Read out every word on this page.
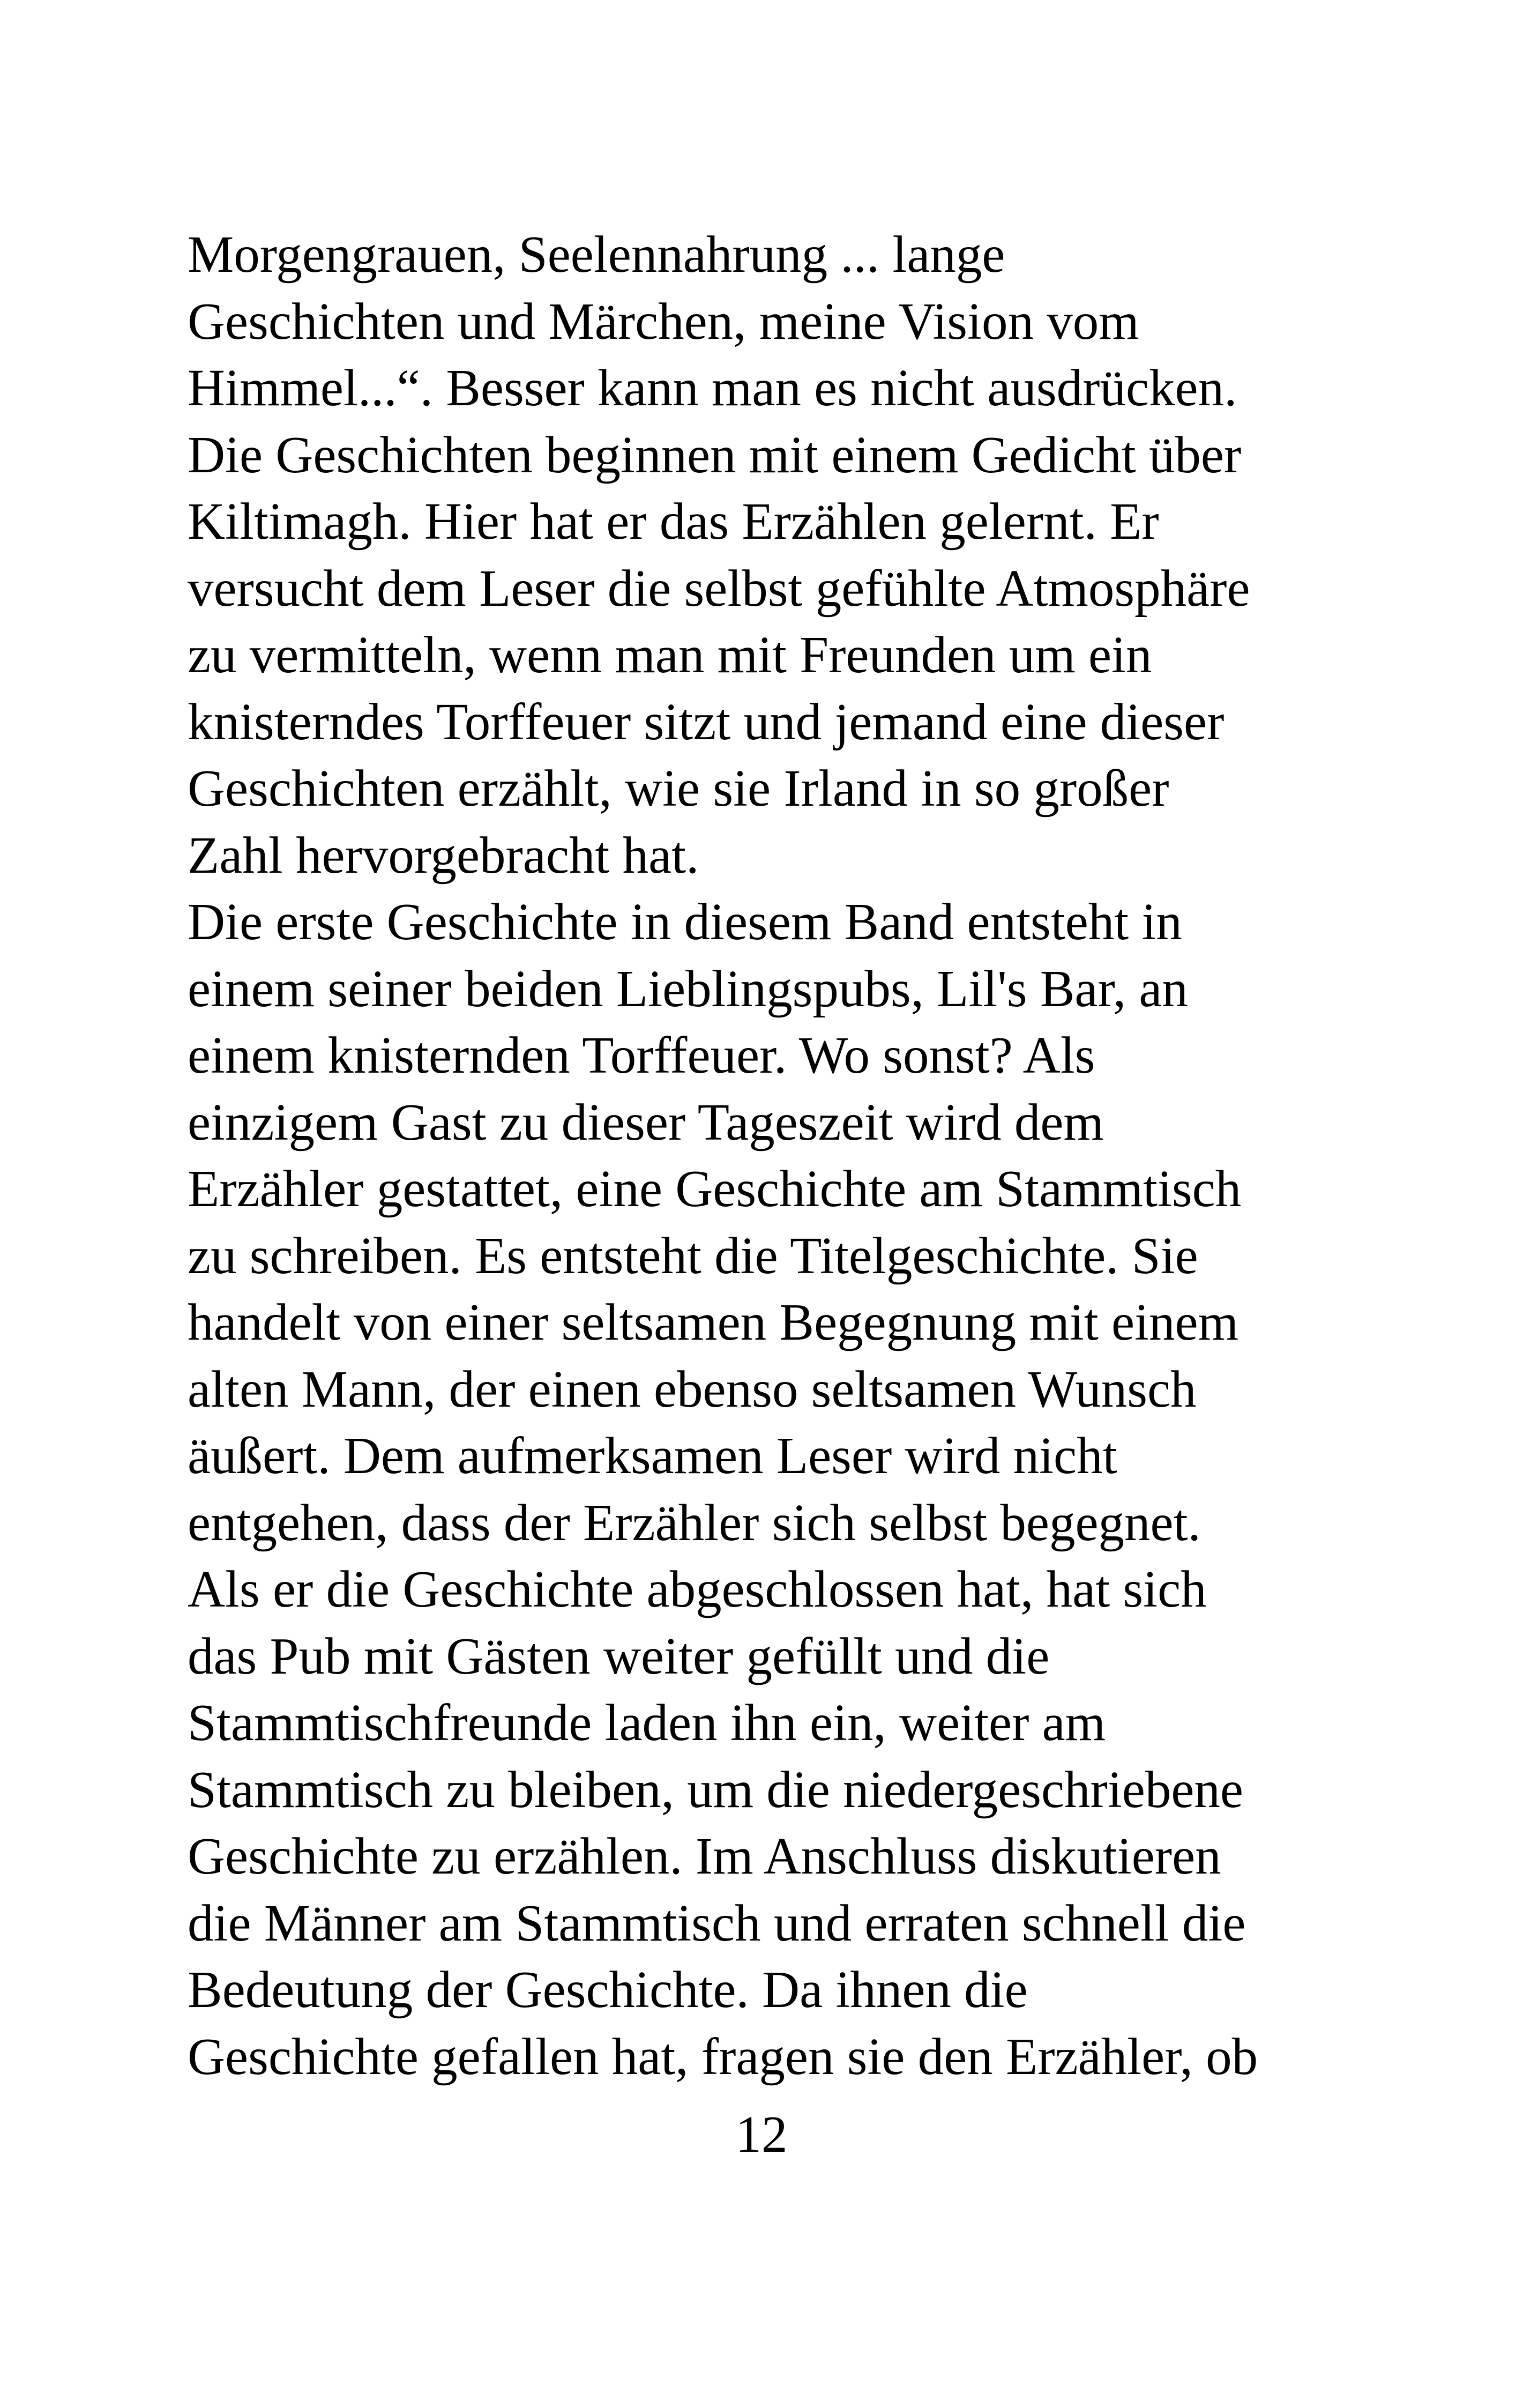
Morgengrauen, Seelennahrung ... lange
Geschichten und Märchen, meine Vision vom
Himmel...“. Besser kann man es nicht ausdrücken.
Die Geschichten beginnen mit einem Gedicht über
Kiltimagh. Hier hat er das Erzählen gelernt. Er
versucht dem Leser die selbst gefühlte Atmosphäre
zu vermitteln, wenn man mit Freunden um ein
knisterndes Torffeuer sitzt und jemand eine dieser
Geschichten erzählt, wie sie Irland in so großer
Zahl hervorgebracht hat.
Die erste Geschichte in diesem Band entsteht in
einem seiner beiden Lieblingspubs, Lil's Bar, an
einem knisternden Torffeuer. Wo sonst? Als
einzigem Gast zu dieser Tageszeit wird dem
Erzähler gestattet, eine Geschichte am Stammtisch
zu schreiben. Es entsteht die Titelgeschichte. Sie
handelt von einer seltsamen Begegnung mit einem
alten Mann, der einen ebenso seltsamen Wunsch
äußert. Dem aufmerksamen Leser wird nicht
entgehen, dass der Erzähler sich selbst begegnet.
Als er die Geschichte abgeschlossen hat, hat sich
das Pub mit Gästen weiter gefüllt und die
Stammtischfreunde laden ihn ein, weiter am
Stammtisch zu bleiben, um die niedergeschriebene
Geschichte zu erzählen. Im Anschluss diskutieren
die Männer am Stammtisch und erraten schnell die
Bedeutung der Geschichte. Da ihnen die
Geschichte gefallen hat, fragen sie den Erzähler, ob
12
